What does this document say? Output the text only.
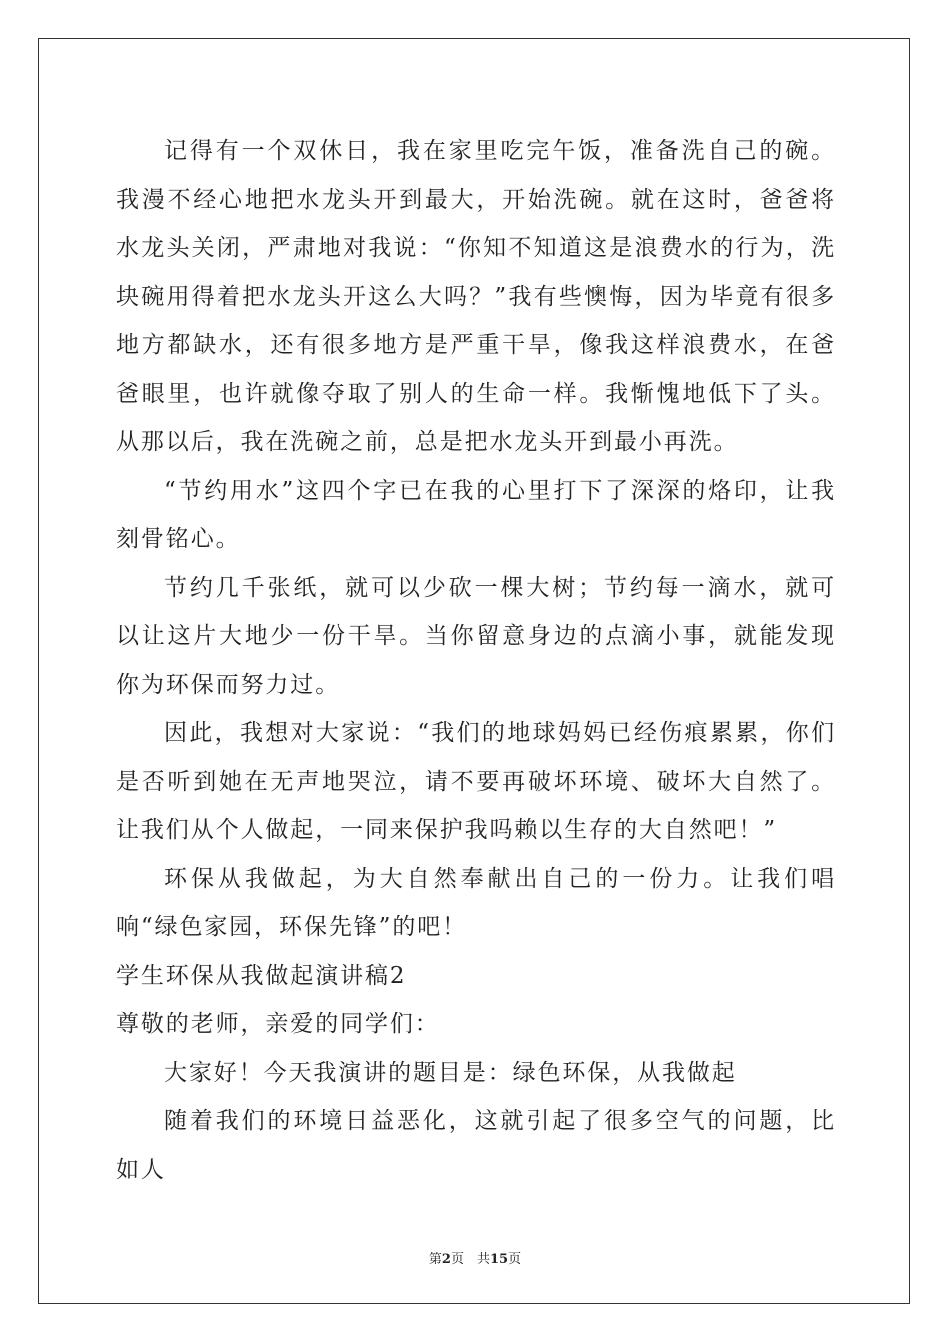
记得有一个双休日，我在家里吃完午饭，准备洗自己的碗。我漫不经心地把水龙头开到最大，开始洗碗。就在这时，爸爸将水龙头关闭，严肃地对我说：“你知不知道这是浪费水的行为，洗块碗用得着把水龙头开这么大吗？”我有些懊悔，因为毕竟有很多地方都缺水，还有很多地方是严重干旱，像我这样浪费水，在爸爸眼里，也许就像夺取了别人的生命一样。我惭愧地低下了头。从那以后，我在洗碗之前，总是把水龙头开到最小再洗。

“节约用水”这四个字已在我的心里打下了深深的烙印，让我刻骨铭心。

节约几千张纸，就可以少砍一棵大树；节约每一滴水，就可以让这片大地少一份干旱。当你留意身边的点滴小事，就能发现你为环保而努力过。

因此，我想对大家说：“我们的地球妈妈已经伤痕累累，你们是否听到她在无声地哭泣，请不要再破坏环境、破坏大自然了。让我们从个人做起，一同来保护我吗赖以生存的大自然吧！”

环保从我做起，为大自然奉献出自己的一份力。让我们唱响“绿色家园，环保先锋”的吧！

学生环保从我做起演讲稿2

尊敬的老师，亲爱的同学们：

大家好！今天我演讲的题目是：绿色环保，从我做起

随着我们的环境日益恶化，这就引起了很多空气的问题，比如人

第2页　共15页
